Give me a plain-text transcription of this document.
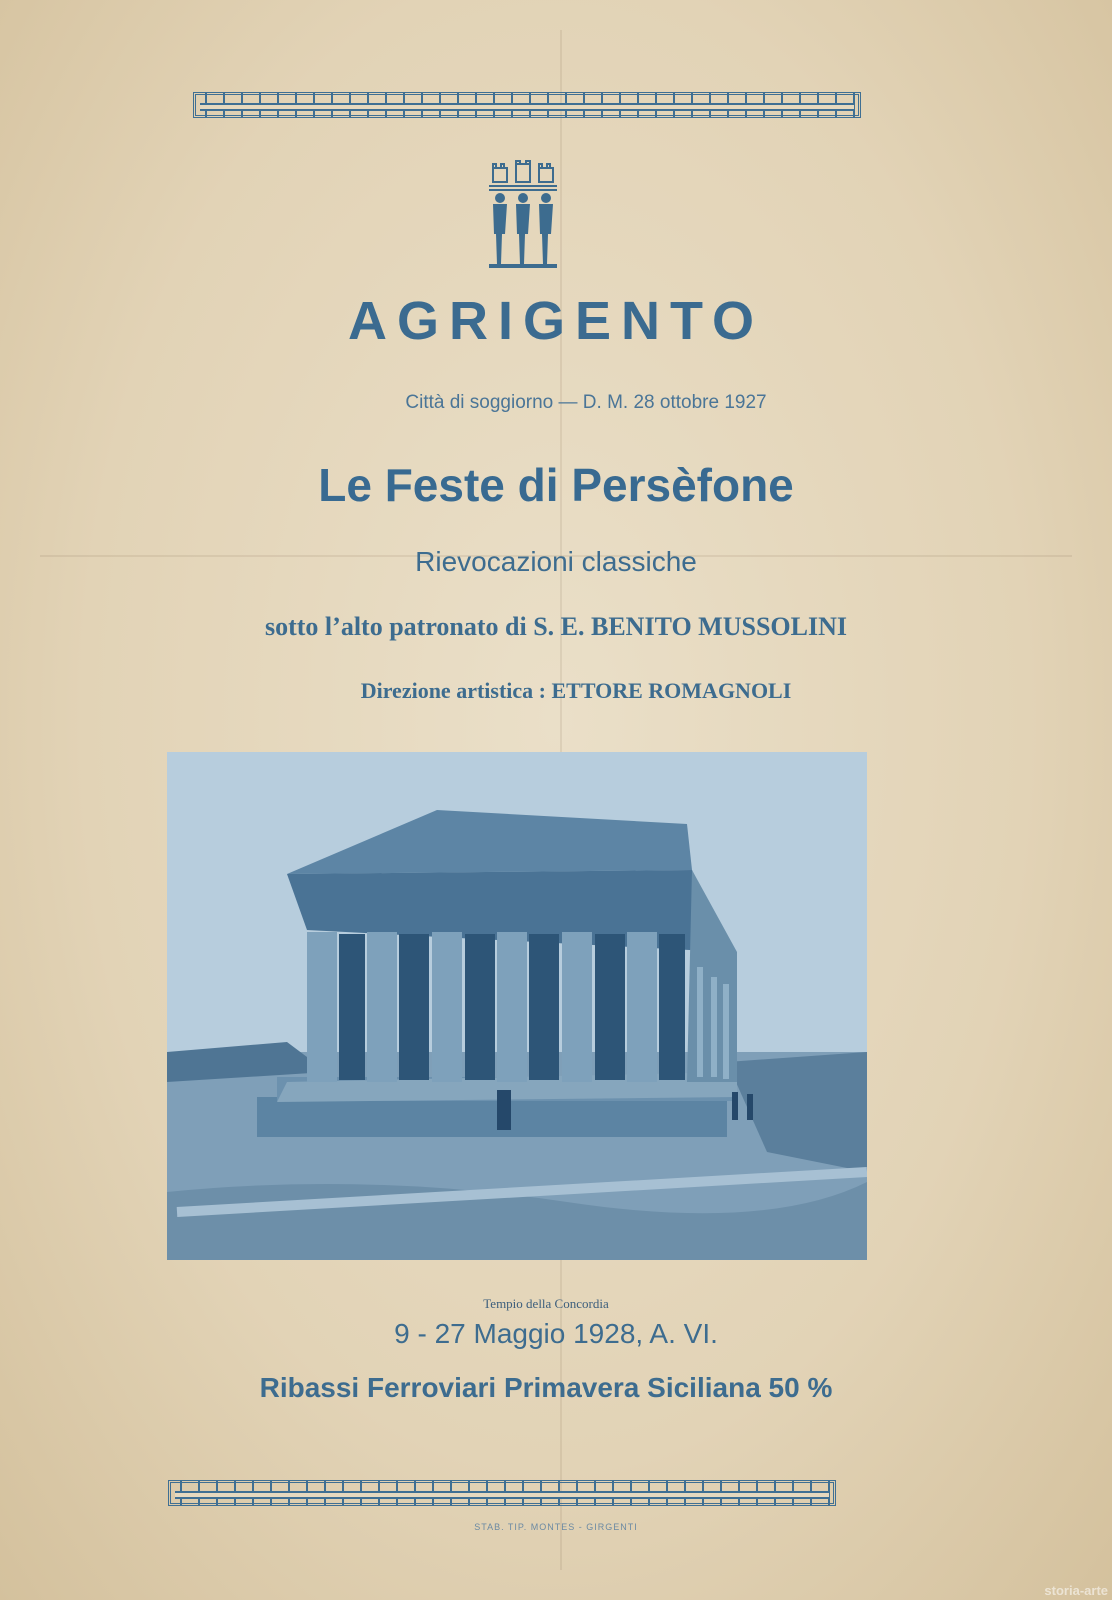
AGRIGENTO
Città di soggiorno — D. M. 28 ottobre 1927
Le Feste di Persèfone
Rievocazioni classiche
sotto l’alto patronato di S. E. BENITO MUSSOLINI
Direzione artistica : ETTORE ROMAGNOLI
Tempio della Concordia
9 - 27 Maggio 1928, A. VI.
Ribassi Ferroviari Primavera Siciliana 50 %
STAB. TIP. MONTES - GIRGENTI
storia-arte
